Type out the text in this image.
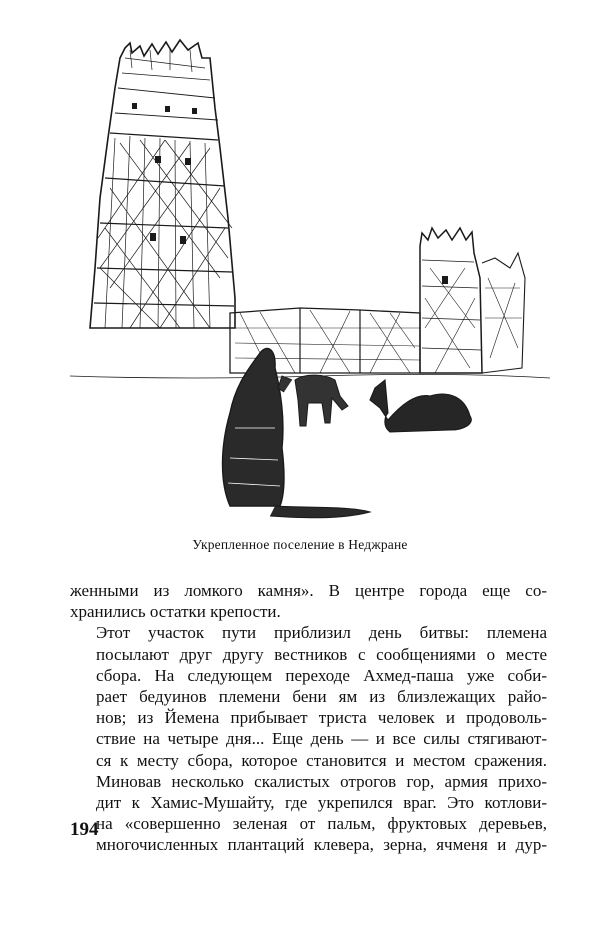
Укрепленное поселение в Неджране

женными из ломкого камня». В центре города еще со-
хранились остатки крепости.

Этот участок пути приблизил день битвы: племена
посылают друг другу вестников с сообщениями о месте
сбора. На следующем переходе Ахмед-паша уже соби-
рает бедуинов племени бени ям из близлежащих райо-
нов; из Йемена прибывает триста человек и продоволь-
ствие на четыре дня... Еще день — и все силы стягивают-
ся к месту сбора, которое становится и местом сражения.
Миновав несколько скалистых отрогов гор, армия прихо-
дит к Хамис-Мушайту, где укрепился враг. Это котлови-
на «совершенно зеленая от пальм, фруктовых деревьев,
многочисленных плантаций клевера, зерна, ячменя и дур-

194
